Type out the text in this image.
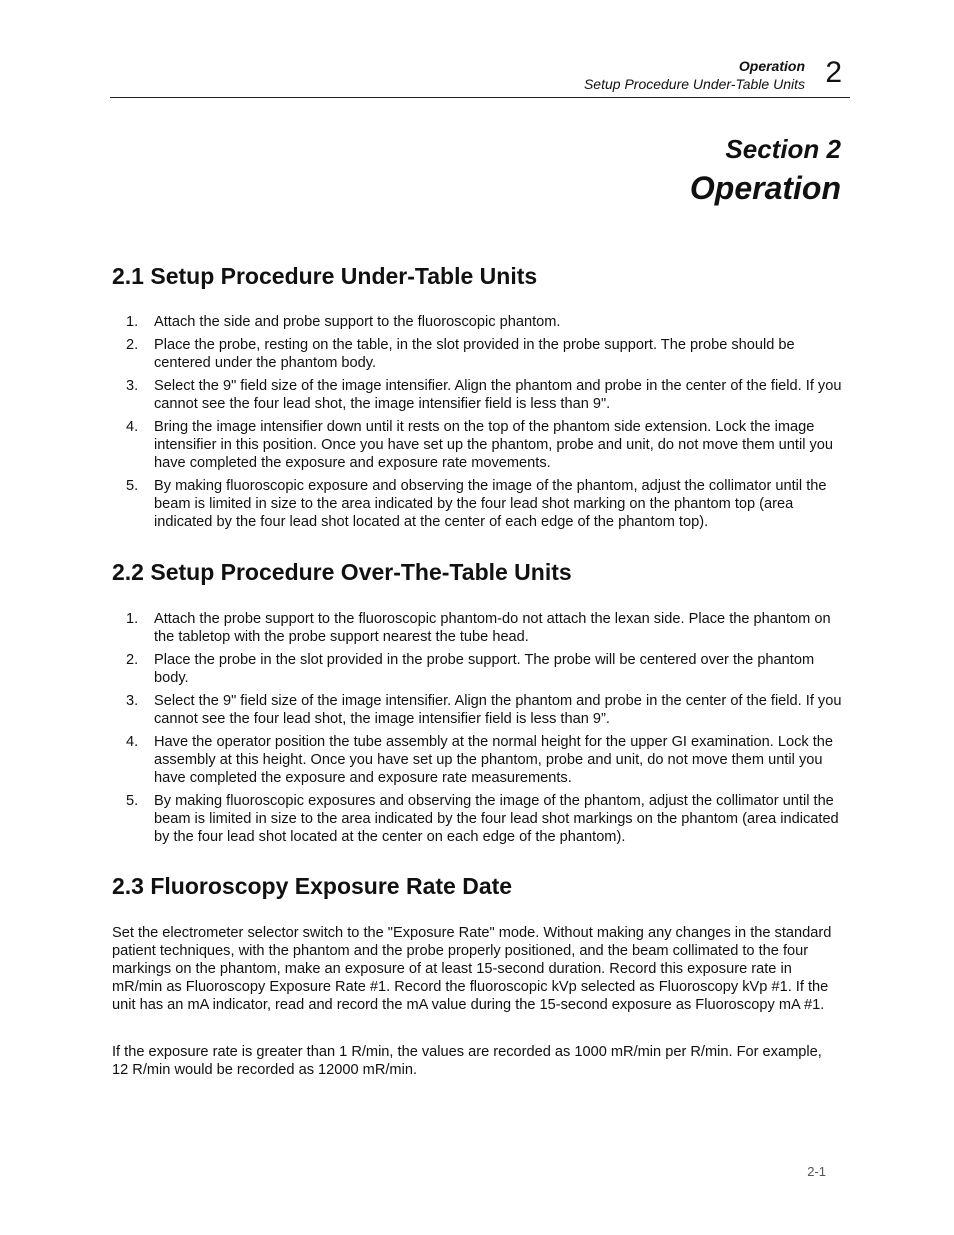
Operation
Setup Procedure Under-Table Units 2
Section 2
Operation
2.1 Setup Procedure Under-Table Units
1. Attach the side and probe support to the fluoroscopic phantom.
2. Place the probe, resting on the table, in the slot provided in the probe support. The probe should be centered under the phantom body.
3. Select the 9" field size of the image intensifier. Align the phantom and probe in the center of the field. If you cannot see the four lead shot, the image intensifier field is less than 9".
4. Bring the image intensifier down until it rests on the top of the phantom side extension. Lock the image intensifier in this position. Once you have set up the phantom, probe and unit, do not move them until you have completed the exposure and exposure rate movements.
5. By making fluoroscopic exposure and observing the image of the phantom, adjust the collimator until the beam is limited in size to the area indicated by the four lead shot marking on the phantom top (area indicated by the four lead shot located at the center of each edge of the phantom top).
2.2 Setup Procedure Over-The-Table Units
1. Attach the probe support to the fluoroscopic phantom-do not attach the lexan side. Place the phantom on the tabletop with the probe support nearest the tube head.
2. Place the probe in the slot provided in the probe support. The probe will be centered over the phantom body.
3. Select the 9" field size of the image intensifier. Align the phantom and probe in the center of the field. If you cannot see the four lead shot, the image intensifier field is less than 9”.
4. Have the operator position the tube assembly at the normal height for the upper GI examination. Lock the assembly at this height. Once you have set up the phantom, probe and unit, do not move them until you have completed the exposure and exposure rate measurements.
5. By making fluoroscopic exposures and observing the image of the phantom, adjust the collimator until the beam is limited in size to the area indicated by the four lead shot markings on the phantom (area indicated by the four lead shot located at the center on each edge of the phantom).
2.3 Fluoroscopy Exposure Rate Date

Set the electrometer selector switch to the "Exposure Rate" mode. Without making any changes in the standard patient techniques, with the phantom and the probe properly positioned, and the beam collimated to the four markings on the phantom, make an exposure of at least 15-second duration. Record this exposure rate in mR/min as Fluoroscopy Exposure Rate #1. Record the fluoroscopic kVp selected as Fluoroscopy kVp #1. If the unit has an mA indicator, read and record the mA value during the 15-second exposure as Fluoroscopy mA #1.

If the exposure rate is greater than 1 R/min, the values are recorded as 1000 mR/min per R/min. For example, 12 R/min would be recorded as 12000 mR/min.

2-1
